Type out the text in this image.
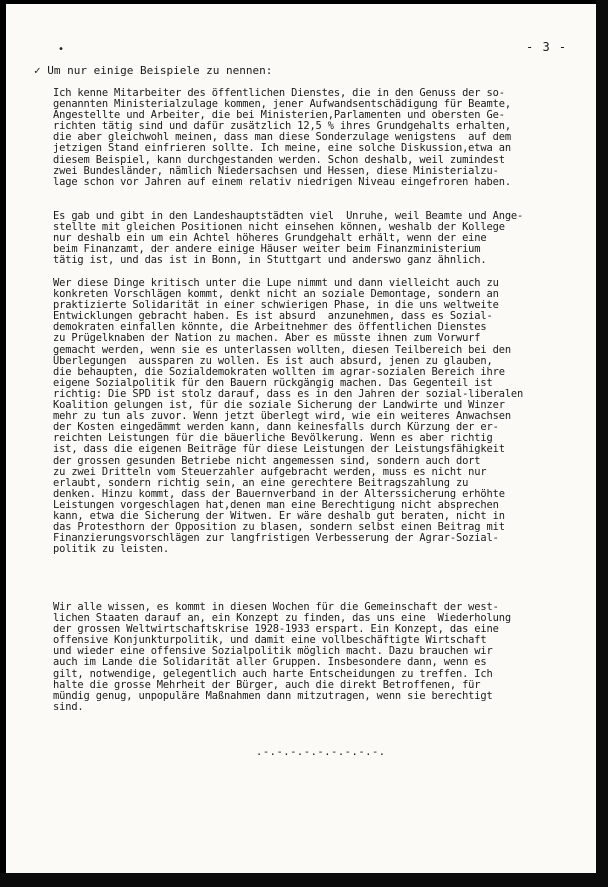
- 3 -
•
✓ Um nur einige Beispiele zu nennen:
Ich kenne Mitarbeiter des öffentlichen Dienstes, die in den Genuss der so-
genannten Ministerialzulage kommen, jener Aufwandsentschädigung für Beamte,
Angestellte und Arbeiter, die bei Ministerien,Parlamenten und obersten Ge-
richten tätig sind und dafür zusätzlich 12,5 % ihres Grundgehalts erhalten,
die aber gleichwohl meinen, dass man diese Sonderzulage wenigstens  auf dem
jetzigen Stand einfrieren sollte. Ich meine, eine solche Diskussion,etwa an
diesem Beispiel, kann durchgestanden werden. Schon deshalb, weil zumindest
zwei Bundesländer, nämlich Niedersachsen und Hessen, diese Ministerialzu-
lage schon vor Jahren auf einem relativ niedrigen Niveau eingefroren haben.
Es gab und gibt in den Landeshauptstädten viel  Unruhe, weil Beamte und Ange-
stellte mit gleichen Positionen nicht einsehen können, weshalb der Kollege
nur deshalb ein um ein Achtel höheres Grundgehalt erhält, wenn der eine
beim Finanzamt, der andere einige Häuser weiter beim Finanzministerium
tätig ist, und das ist in Bonn, in Stuttgart und anderswo ganz ähnlich.
Wer diese Dinge kritisch unter die Lupe nimmt und dann vielleicht auch zu
konkreten Vorschlägen kommt, denkt nicht an soziale Demontage, sondern an
praktizierte Solidarität in einer schwierigen Phase, in die uns weltweite
Entwicklungen gebracht haben. Es ist absurd  anzunehmen, dass es Sozial-
demokraten einfallen könnte, die Arbeitnehmer des öffentlichen Dienstes
zu Prügelknaben der Nation zu machen. Aber es müsste ihnen zum Vorwurf
gemacht werden, wenn sie es unterlassen wollten, diesen Teilbereich bei den
Überlegungen  aussparen zu wollen. Es ist auch absurd, jenen zu glauben,
die behaupten, die Sozialdemokraten wollten im agrar-sozialen Bereich ihre
eigene Sozialpolitik für den Bauern rückgängig machen. Das Gegenteil ist
richtig: Die SPD ist stolz darauf, dass es in den Jahren der sozial-liberalen
Koalition gelungen ist, für die soziale Sicherung der Landwirte und Winzer
mehr zu tun als zuvor. Wenn jetzt überlegt wird, wie ein weiteres Anwachsen
der Kosten eingedämmt werden kann, dann keinesfalls durch Kürzung der er-
reichten Leistungen für die bäuerliche Bevölkerung. Wenn es aber richtig
ist, dass die eigenen Beiträge für diese Leistungen der Leistungsfähigkeit
der grossen gesunden Betriebe nicht angemessen sind, sondern auch dort
zu zwei Dritteln vom Steuerzahler aufgebracht werden, muss es nicht nur
erlaubt, sondern richtig sein, an eine gerechtere Beitragszahlung zu
denken. Hinzu kommt, dass der Bauernverband in der Alterssicherung erhöhte
Leistungen vorgeschlagen hat,denen man eine Berechtigung nicht absprechen
kann, etwa die Sicherung der Witwen. Er wäre deshalb gut beraten, nicht in
das Protesthorn der Opposition zu blasen, sondern selbst einen Beitrag mit
Finanzierungsvorschlägen zur langfristigen Verbesserung der Agrar-Sozial-
politik zu leisten.
Wir alle wissen, es kommt in diesen Wochen für die Gemeinschaft der west-
lichen Staaten darauf an, ein Konzept zu finden, das uns eine  Wiederholung
der grossen Weltwirtschaftskrise 1928-1933 erspart. Ein Konzept, das eine
offensive Konjunkturpolitik, und damit eine vollbeschäftigte Wirtschaft
und wieder eine offensive Sozialpolitik möglich macht. Dazu brauchen wir
auch im Lande die Solidarität aller Gruppen. Insbesondere dann, wenn es
gilt, notwendige, gelegentlich auch harte Entscheidungen zu treffen. Ich
halte die grosse Mehrheit der Bürger, auch die direkt Betroffenen, für
mündig genug, unpopuläre Maßnahmen dann mitzutragen, wenn sie berechtigt
sind.
.-.-.-.-.-.-.-.-.-.
